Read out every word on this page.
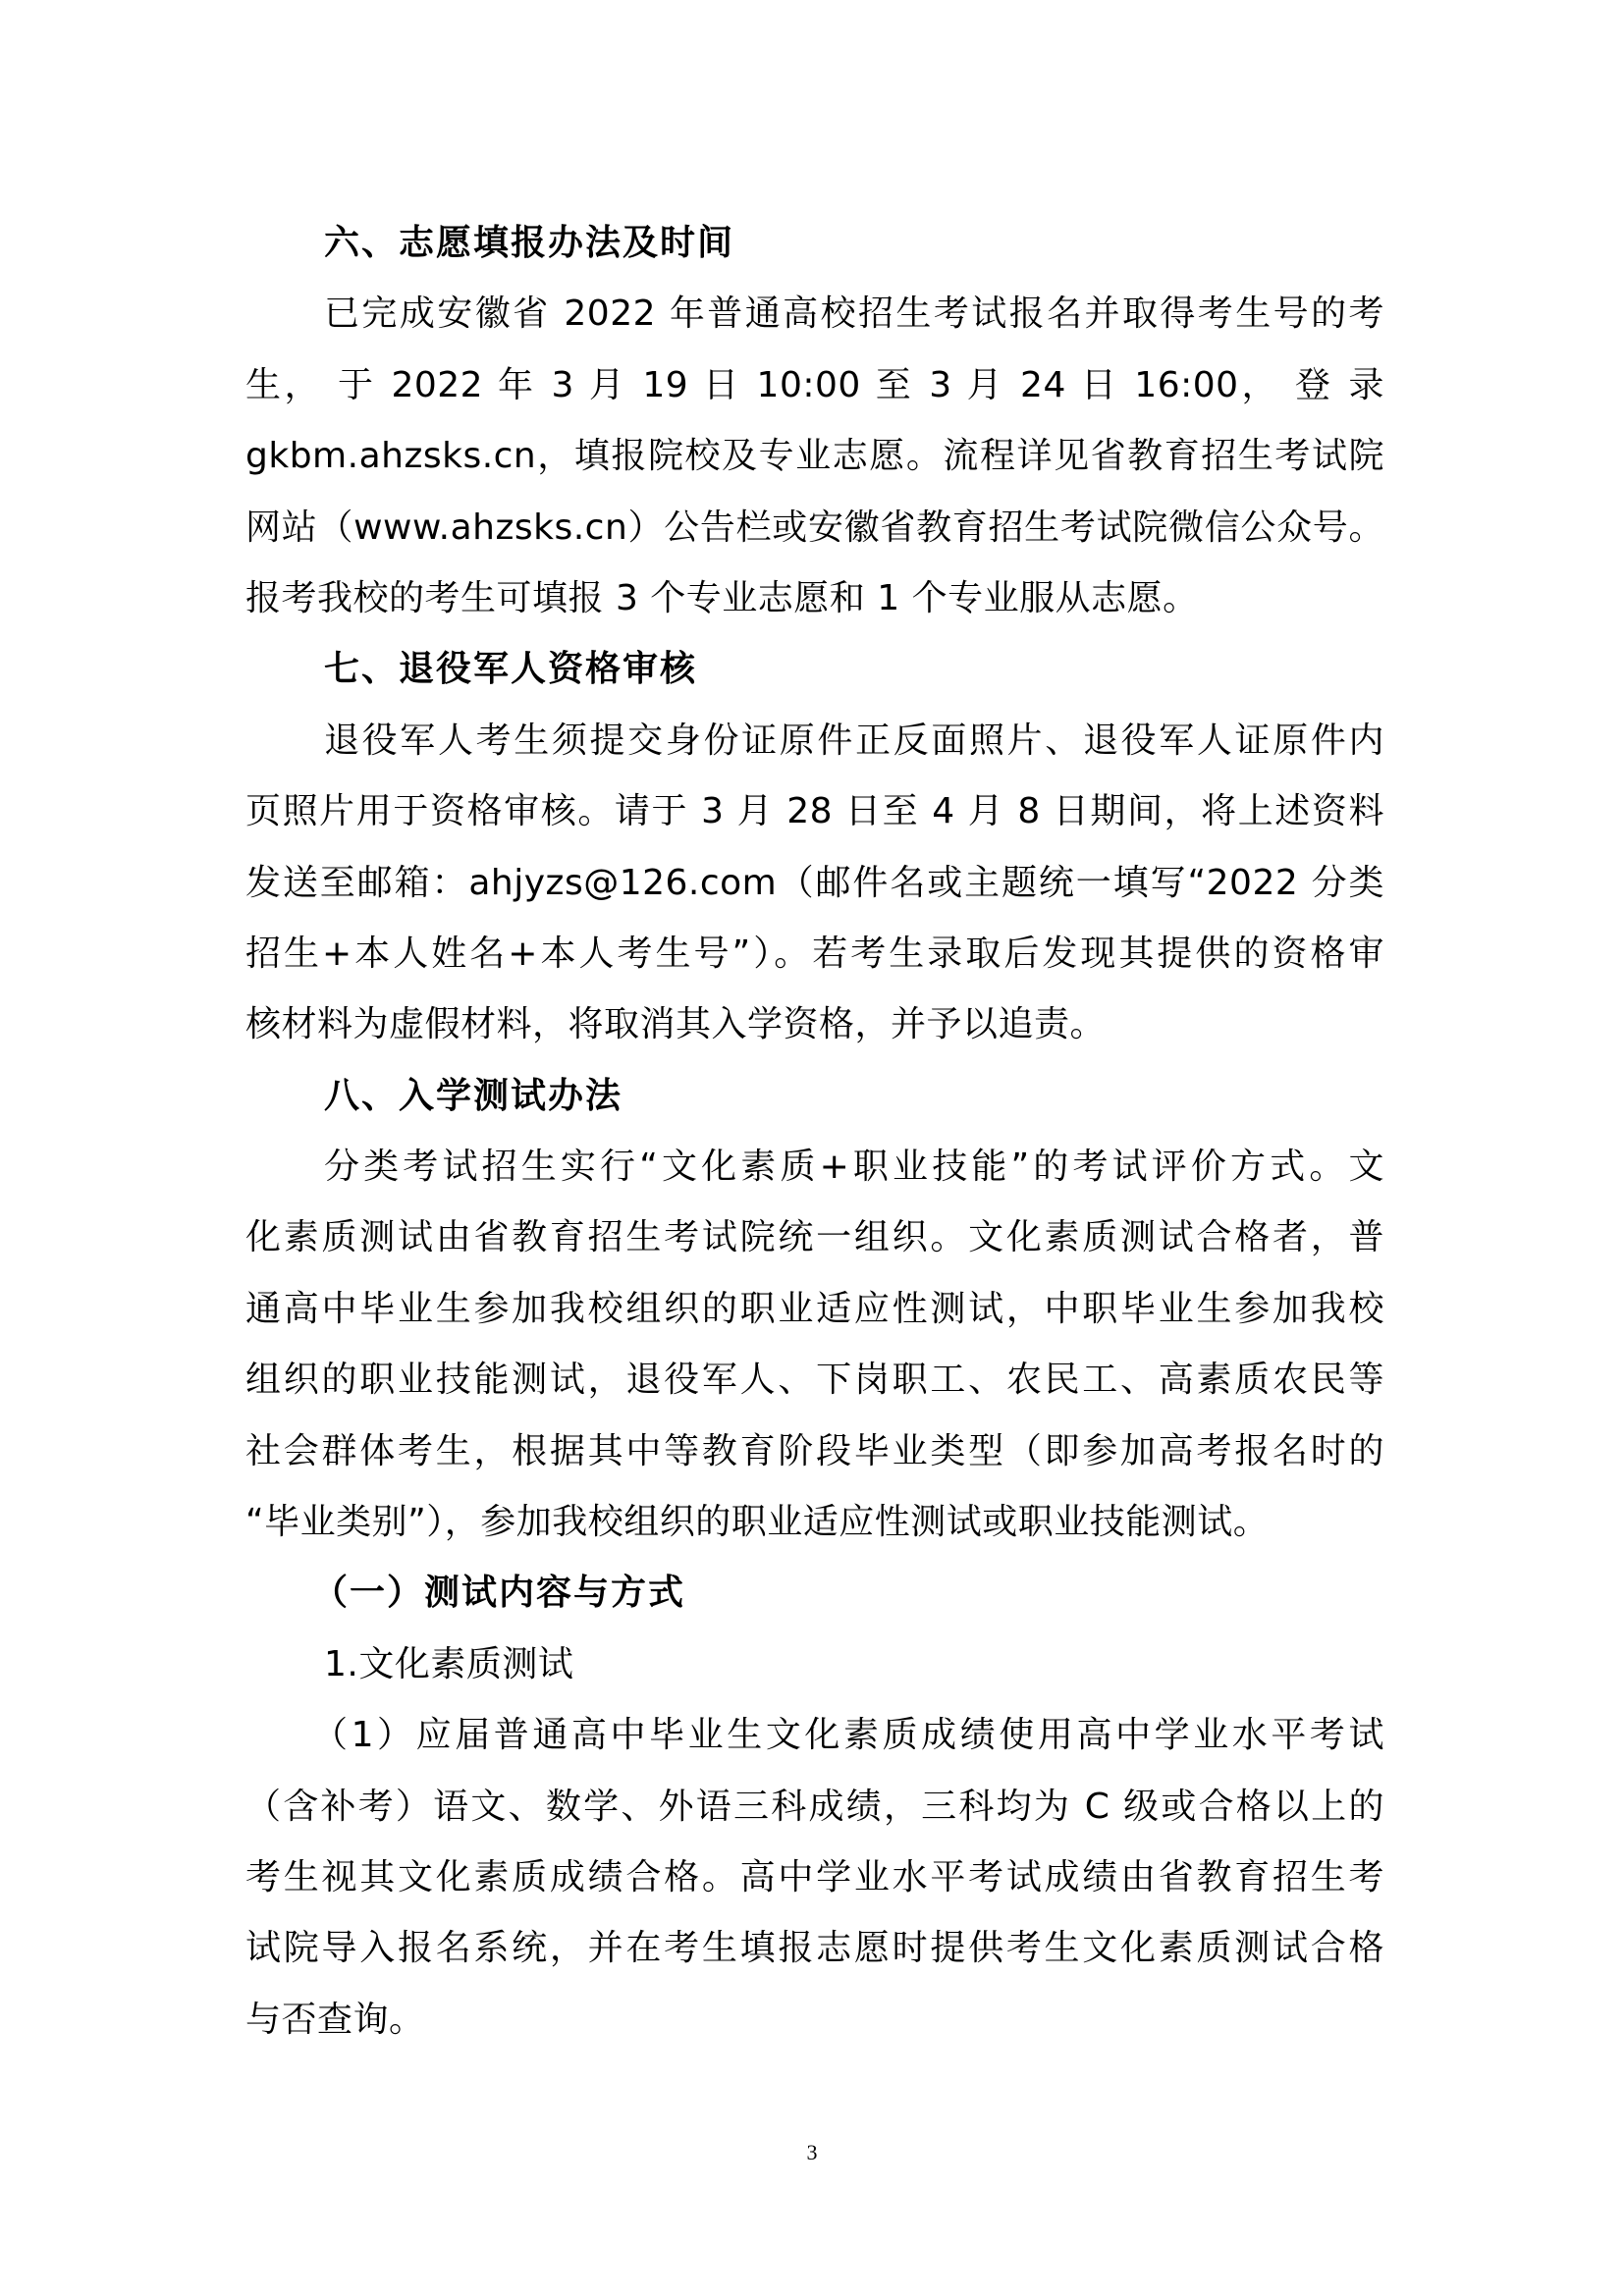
六、志愿填报办法及时间
已完成安徽省 2022 年普通高校招生考试报名并取得考生号的考
生， 于 2022 年 3 月 19 日 10:00 至 3 月 24 日 16:00， 登 录
gkbm.ahzsks.cn，填报院校及专业志愿。流程详见省教育招生考试院
网站（www.ahzsks.cn）公告栏或安徽省教育招生考试院微信公众号。
报考我校的考生可填报 3 个专业志愿和 1 个专业服从志愿。
七、退役军人资格审核
退役军人考生须提交身份证原件正反面照片、退役军人证原件内
页照片用于资格审核。请于 3 月 28 日至 4 月 8 日期间，将上述资料
发送至邮箱：ahjyzs@126.com（邮件名或主题统一填写“2022 分类
招生+本人姓名+本人考生号”）。若考生录取后发现其提供的资格审
核材料为虚假材料，将取消其入学资格，并予以追责。
八、入学测试办法
分类考试招生实行“文化素质+职业技能”的考试评价方式。文
化素质测试由省教育招生考试院统一组织。文化素质测试合格者，普
通高中毕业生参加我校组织的职业适应性测试，中职毕业生参加我校
组织的职业技能测试，退役军人、下岗职工、农民工、高素质农民等
社会群体考生，根据其中等教育阶段毕业类型（即参加高考报名时的
“毕业类别”），参加我校组织的职业适应性测试或职业技能测试。
（一）测试内容与方式
1.文化素质测试
（1）应届普通高中毕业生文化素质成绩使用高中学业水平考试
（含补考）语文、数学、外语三科成绩，三科均为 C 级或合格以上的
考生视其文化素质成绩合格。高中学业水平考试成绩由省教育招生考
试院导入报名系统，并在考生填报志愿时提供考生文化素质测试合格
与否查询。
3
